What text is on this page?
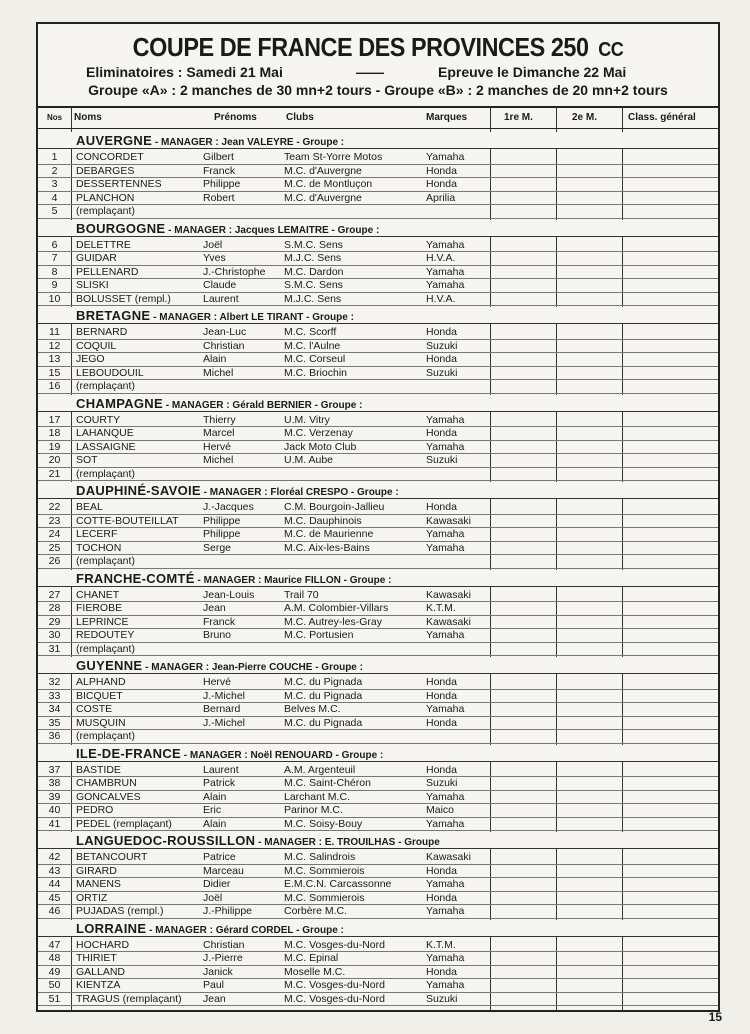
COUPE DE FRANCE DES PROVINCES 250 CC
Eliminatoires : Samedi 21 Mai	——	Epreuve le Dimanche 22 Mai
Groupe «A» : 2 manches de 30 mn+2 tours - Groupe «B» : 2 manches de 20 mn+2 tours
Nos	Noms	Prénoms	Clubs	Marques	1re M.	2e M.	Class. général
AUVERGNE - MANAGER : Jean VALEYRE - Groupe :
1	CONCORDET	Gilbert	Team St-Yorre Motos	Yamaha
2	DEBARGES	Franck	M.C. d'Auvergne	Honda
3	DESSERTENNES	Philippe	M.C. de Montluçon	Honda
4	PLANCHON	Robert	M.C. d'Auvergne	Aprilia
5	(remplaçant)
BOURGOGNE - MANAGER : Jacques LEMAITRE - Groupe :
6	DELETTRE	Joël	S.M.C. Sens	Yamaha
7	GUIDAR	Yves	M.J.C. Sens	H.V.A.
8	PELLENARD	J.-Christophe	M.C. Dardon	Yamaha
9	SLISKI	Claude	S.M.C. Sens	Yamaha
10	BOLUSSET (rempl.)	Laurent	M.J.C. Sens	H.V.A.
BRETAGNE - MANAGER : Albert LE TIRANT - Groupe :
11	BERNARD	Jean-Luc	M.C. Scorff	Honda
12	COQUIL	Christian	M.C. l'Aulne	Suzuki
13	JEGO	Alain	M.C. Corseul	Honda
15	LEBOUDOUIL	Michel	M.C. Briochin	Suzuki
16	(remplaçant)
CHAMPAGNE - MANAGER : Gérald BERNIER - Groupe :
17	COURTY	Thierry	U.M. Vitry	Yamaha
18	LAHANQUE	Marcel	M.C. Verzenay	Honda
19	LASSAIGNE	Hervé	Jack Moto Club	Yamaha
20	SOT	Michel	U.M. Aube	Suzuki
21	(remplaçant)
DAUPHINÉ-SAVOIE - MANAGER : Floréal CRESPO - Groupe :
22	BEAL	J.-Jacques	C.M. Bourgoin-Jallieu	Honda
23	COTTE-BOUTEILLAT	Philippe	M.C. Dauphinois	Kawasaki
24	LECERF	Philippe	M.C. de Maurienne	Yamaha
25	TOCHON	Serge	M.C. Aix-les-Bains	Yamaha
26	(remplaçant)
FRANCHE-COMTÉ - MANAGER : Maurice FILLON - Groupe :
27	CHANET	Jean-Louis	Trail 70	Kawasaki
28	FIEROBE	Jean	A.M. Colombier-Villars	K.T.M.
29	LEPRINCE	Franck	M.C. Autrey-les-Gray	Kawasaki
30	REDOUTEY	Bruno	M.C. Portusien	Yamaha
31	(remplaçant)
GUYENNE - MANAGER : Jean-Pierre COUCHE - Groupe :
32	ALPHAND	Hervé	M.C. du Pignada	Honda
33	BICQUET	J.-Michel	M.C. du Pignada	Honda
34	COSTE	Bernard	Belves M.C.	Yamaha
35	MUSQUIN	J.-Michel	M.C. du Pignada	Honda
36	(remplaçant)
ILE-DE-FRANCE - MANAGER : Noël RENOUARD - Groupe :
37	BASTIDE	Laurent	A.M. Argenteuil	Honda
38	CHAMBRUN	Patrick	M.C. Saint-Chéron	Suzuki
39	GONCALVES	Alain	Larchant M.C.	Yamaha
40	PEDRO	Eric	Parinor M.C.	Maico
41	PEDEL (remplaçant)	Alain	M.C. Soisy-Bouy	Yamaha
LANGUEDOC-ROUSSILLON - MANAGER : E. TROUILHAS - Groupe
42	BETANCOURT	Patrice	M.C. Salindrois	Kawasaki
43	GIRARD	Marceau	M.C. Sommierois	Honda
44	MANENS	Didier	E.M.C.N. Carcassonne	Yamaha
45	ORTIZ	Joël	M.C. Sommierois	Honda
46	PUJADAS (rempl.)	J.-Philippe	Corbère M.C.	Yamaha
LORRAINE - MANAGER : Gérard CORDEL - Groupe :
47	HOCHARD	Christian	M.C. Vosges-du-Nord	K.T.M.
48	THIRIET	J.-Pierre	M.C. Epinal	Yamaha
49	GALLAND	Janick	Moselle M.C.	Honda
50	KIENTZA	Paul	M.C. Vosges-du-Nord	Yamaha
51	TRAGUS (remplaçant)	Jean	M.C. Vosges-du-Nord	Suzuki
15
